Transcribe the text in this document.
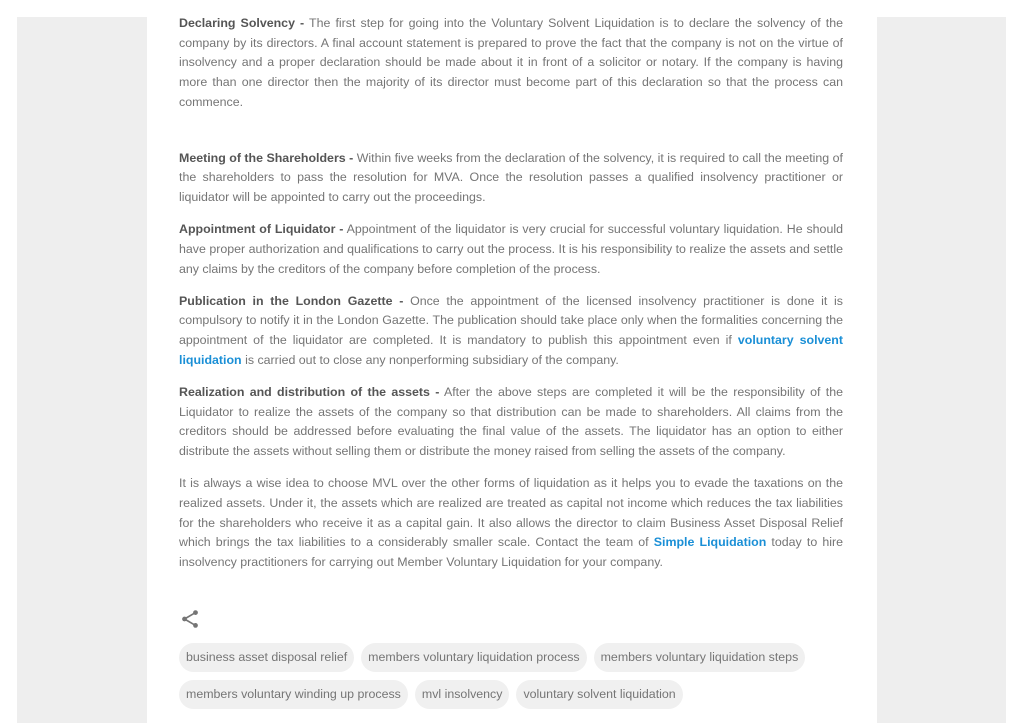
Declaring Solvency - The first step for going into the Voluntary Solvent Liquidation is to declare the solvency of the company by its directors. A final account statement is prepared to prove the fact that the company is not on the virtue of insolvency and a proper declaration should be made about it in front of a solicitor or notary. If the company is having more than one director then the majority of its director must become part of this declaration so that the process can commence.

Meeting of the Shareholders - Within five weeks from the declaration of the solvency, it is required to call the meeting of the shareholders to pass the resolution for MVA. Once the resolution passes a qualified insolvency practitioner or liquidator will be appointed to carry out the proceedings.

Appointment of Liquidator - Appointment of the liquidator is very crucial for successful voluntary liquidation. He should have proper authorization and qualifications to carry out the process. It is his responsibility to realize the assets and settle any claims by the creditors of the company before completion of the process.

Publication in the London Gazette - Once the appointment of the licensed insolvency practitioner is done it is compulsory to notify it in the London Gazette. The publication should take place only when the formalities concerning the appointment of the liquidator are completed. It is mandatory to publish this appointment even if voluntary solvent liquidation is carried out to close any nonperforming subsidiary of the company.

Realization and distribution of the assets - After the above steps are completed it will be the responsibility of the Liquidator to realize the assets of the company so that distribution can be made to shareholders. All claims from the creditors should be addressed before evaluating the final value of the assets. The liquidator has an option to either distribute the assets without selling them or distribute the money raised from selling the assets of the company.

It is always a wise idea to choose MVL over the other forms of liquidation as it helps you to evade the taxations on the realized assets. Under it, the assets which are realized are treated as capital not income which reduces the tax liabilities for the shareholders who receive it as a capital gain. It also allows the director to claim Business Asset Disposal Relief which brings the tax liabilities to a considerably smaller scale. Contact the team of Simple Liquidation today to hire insolvency practitioners for carrying out Member Voluntary Liquidation for your company.

business asset disposal relief	members voluntary liquidation process	members voluntary liquidation steps
members voluntary winding up process	mvl insolvency	voluntary solvent liquidation
